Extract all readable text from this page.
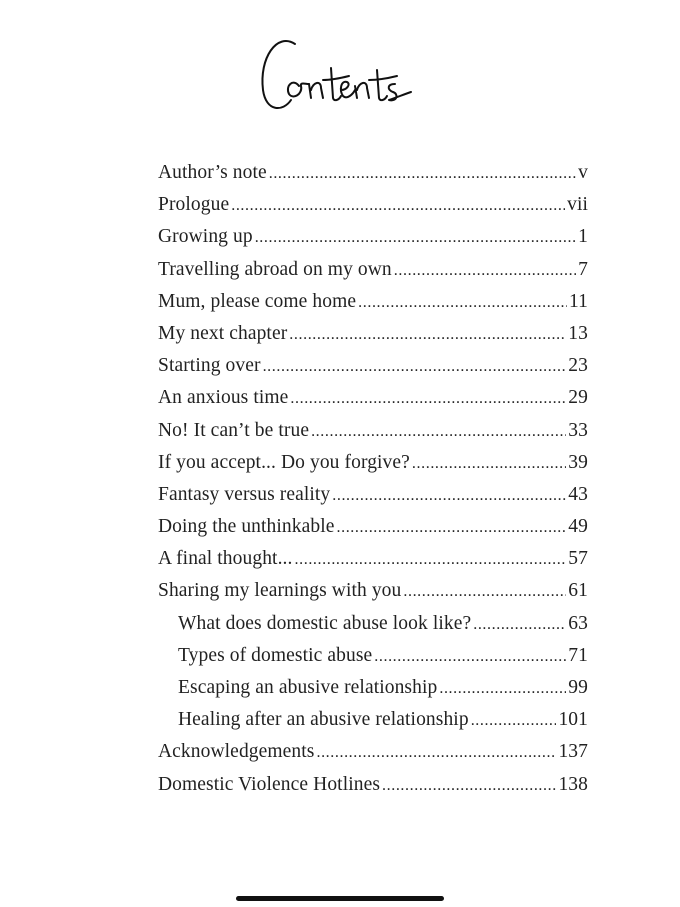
Author’s note .....	v
Prologue .....	vii
Growing up .....	1
Travelling abroad on my own .....	7
Mum, please come home .....	11
My next chapter .....	13
Starting over .....	23
An anxious time .....	29
No! It can’t be true .....	33
If you accept... Do you forgive? .....	39
Fantasy versus reality .....	43
Doing the unthinkable .....	49
A final thought... .....	57
Sharing my learnings with you .....	61
What does domestic abuse look like? .....	63
Types of domestic abuse .....	71
Escaping an abusive relationship .....	99
Healing after an abusive relationship .....	101
Acknowledgements .....	137
Domestic Violence Hotlines .....	138
